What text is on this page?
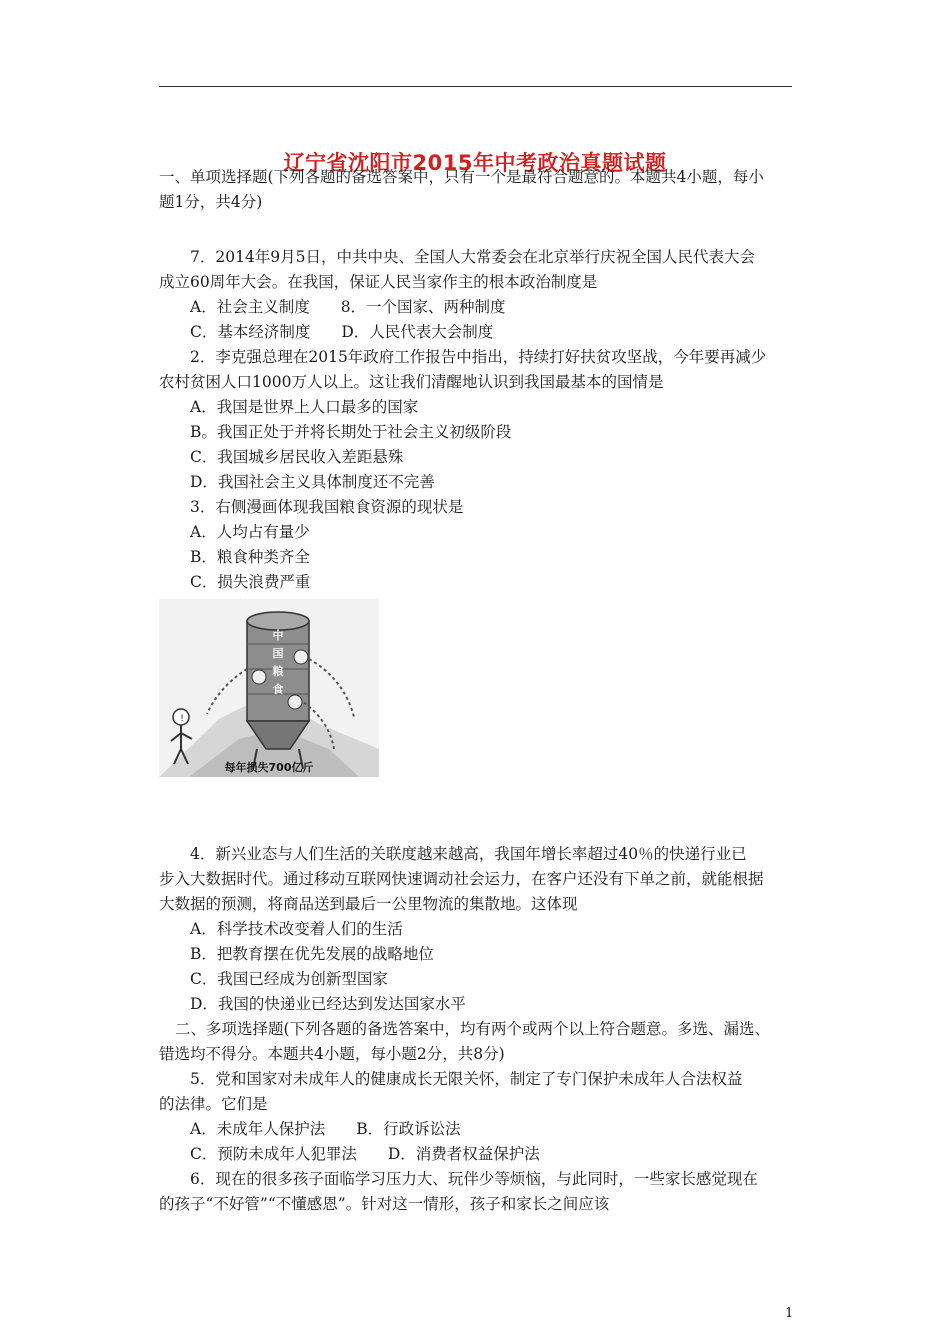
辽宁省沈阳市2015年中考政治真题试题
一、单项选择题(下列各题的备选答案中，只有一个是最符合题意的。本题共4小题，每小
题1分，共4分)
7．2014年9月5日，中共中央、全国人大常委会在北京举行庆祝全国人民代表大会
成立60周年大会。在我国，保证人民当家作主的根本政治制度是
A．社会主义制度　　8．一个国家、两种制度
C．基本经济制度　　D．人民代表大会制度
2．李克强总理在2015年政府工作报告中指出，持续打好扶贫攻坚战，今年要再减少
农村贫困人口1000万人以上。这让我们清醒地认识到我国最基本的国情是
A．我国是世界上人口最多的国家
B。我国正处于并将长期处于社会主义初级阶段
C．我国城乡居民收入差距悬殊
D．我国社会主义具体制度还不完善
3．右侧漫画体现我国粮食资源的现状是
A．人均占有量少
B．粮食种类齐全
C．损失浪费严重
4．新兴业态与人们生活的关联度越来越高，我国年增长率超过40％的快递行业已
步入大数据时代。通过移动互联网快速调动社会运力，在客户还没有下单之前，就能根据
大数据的预测，将商品送到最后一公里物流的集散地。这体现
A．科学技术改变着人们的生活
B．把教育摆在优先发展的战略地位
C．我国已经成为创新型国家
D．我国的快递业已经达到发达国家水平
二、多项选择题(下列各题的备选答案中，均有两个或两个以上符合题意。多选、漏选、
错选均不得分。本题共4小题，每小题2分，共8分)
5．党和国家对未成年人的健康成长无限关怀，制定了专门保护未成年人合法权益
的法律。它们是
A．未成年人保护法　　B．行政诉讼法
C．预防未成年人犯罪法　　D．消费者权益保护法
6．现在的很多孩子面临学习压力大、玩伴少等烦恼，与此同时，一些家长感觉现在
的孩子“不好管”“不懂感恩”。针对这一情形，孩子和家长之间应该
!
中
国
粮
食
每年损失700亿斤
1
